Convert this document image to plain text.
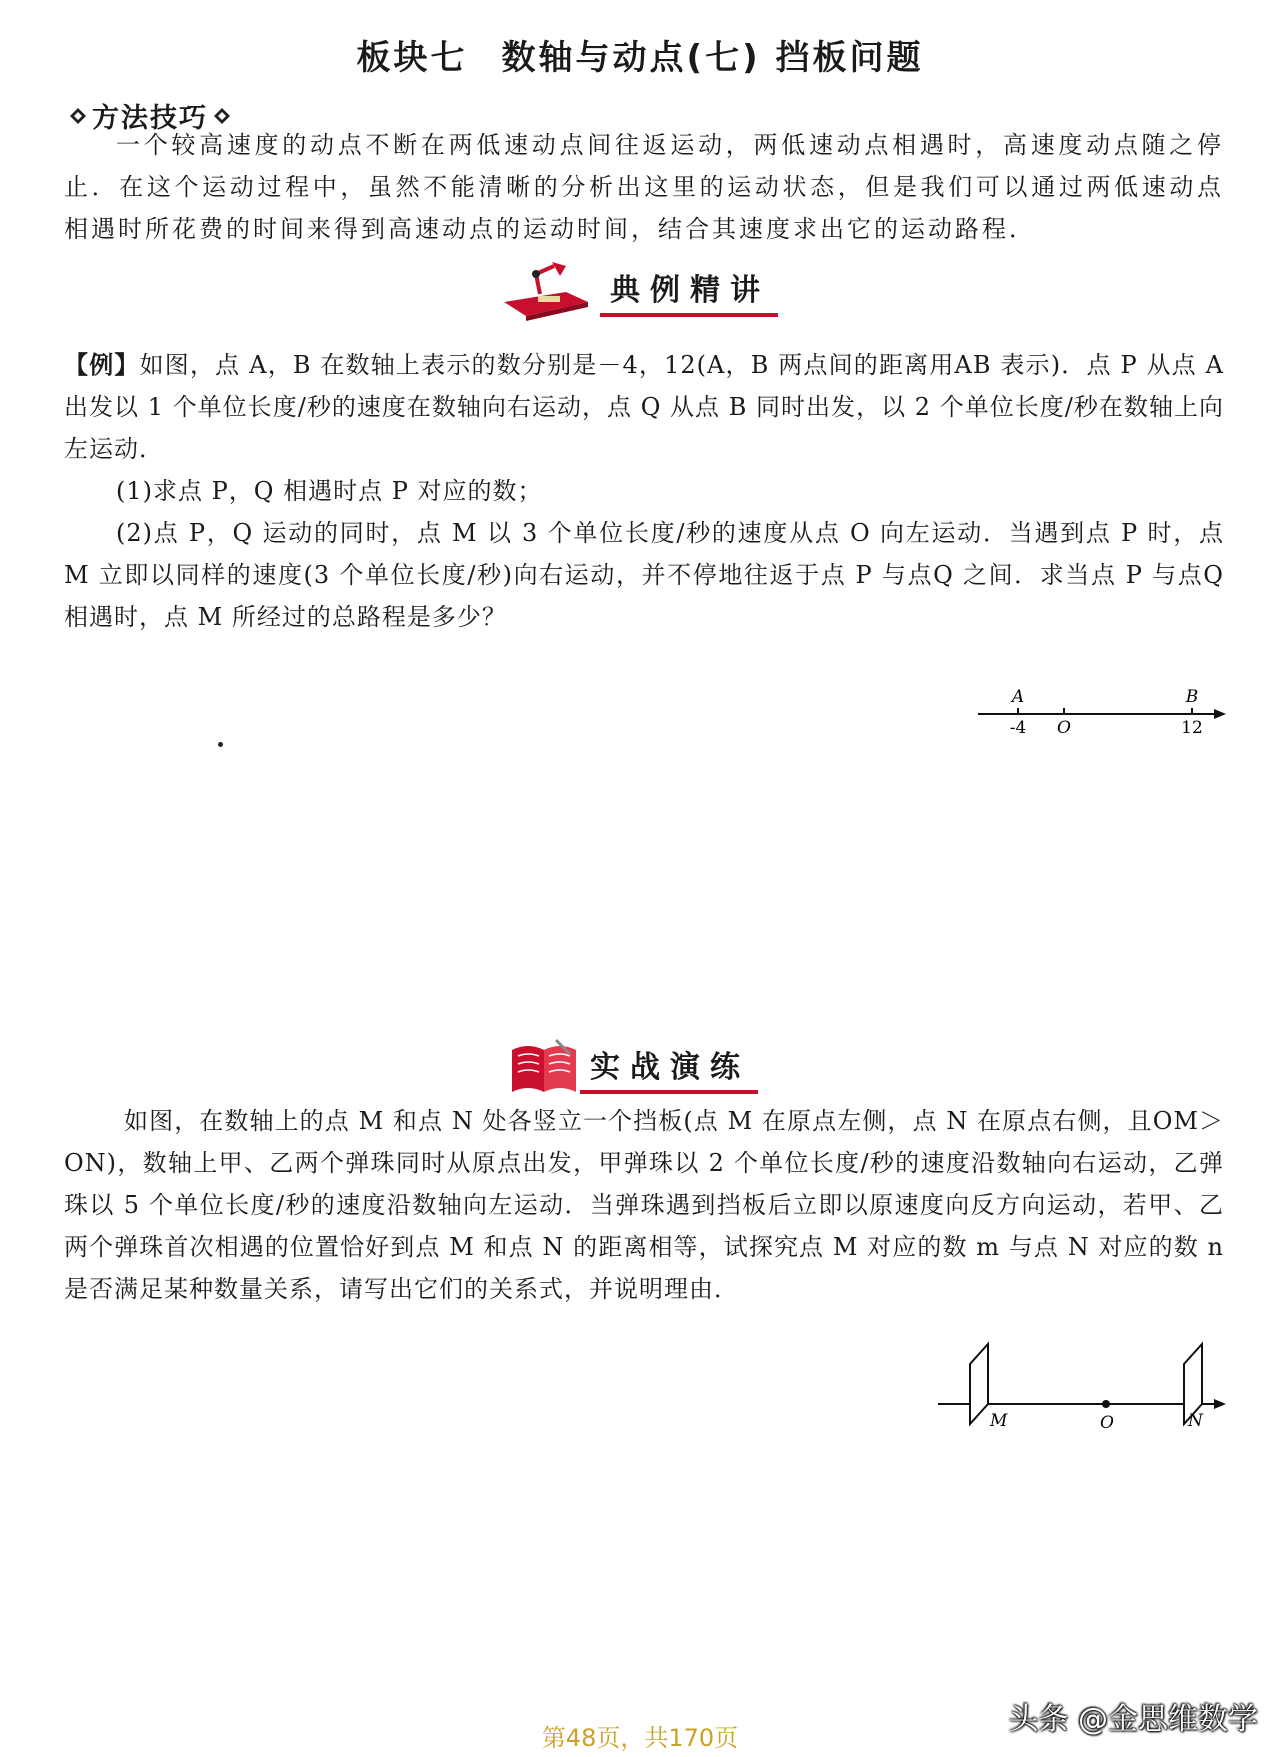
板块七 数轴与动点(七) 挡板问题
方法技巧
一个较高速度的动点不断在两低速动点间往返运动，两低速动点相遇时，高速度动点随之停止．在这个运动过程中，虽然不能清晰的分析出这里的运动状态，但是我们可以通过两低速动点相遇时所花费的时间来得到高速动点的运动时间，结合其速度求出它的运动路程．
典例精讲

【例】如图，点 A，B 在数轴上表示的数分别是－4，12(A，B 两点间的距离用AB 表示)．点 P 从点 A 出发以 1 个单位长度/秒的速度在数轴向右运动，点 Q 从点 B 同时出发，以 2 个单位长度/秒在数轴上向左运动．

(1)求点 P，Q 相遇时点 P 对应的数；

(2)点 P，Q 运动的同时，点 M 以 3 个单位长度/秒的速度从点 O 向左运动．当遇到点 P 时，点 M 立即以同样的速度(3 个单位长度/秒)向右运动，并不停地往返于点 P 与点Q 之间．求当点 P 与点Q 相遇时，点 M 所经过的总路程是多少？

A	B
-4 O	12
实战演练
如图，在数轴上的点 M 和点 N 处各竖立一个挡板(点 M 在原点左侧，点 N 在原点右侧，且OM＞ON)，数轴上甲、乙两个弹珠同时从原点出发，甲弹珠以 2 个单位长度/秒的速度沿数轴向右运动，乙弹珠以 5 个单位长度/秒的速度沿数轴向左运动．当弹珠遇到挡板后立即以原速度向反方向运动，若甲、乙两个弹珠首次相遇的位置恰好到点 M 和点 N 的距离相等，试探究点 M 对应的数 m 与点 N 对应的数 n 是否满足某种数量关系，请写出它们的关系式，并说明理由．
M	O	N
头条 @金思维数学
第48页，共170页
